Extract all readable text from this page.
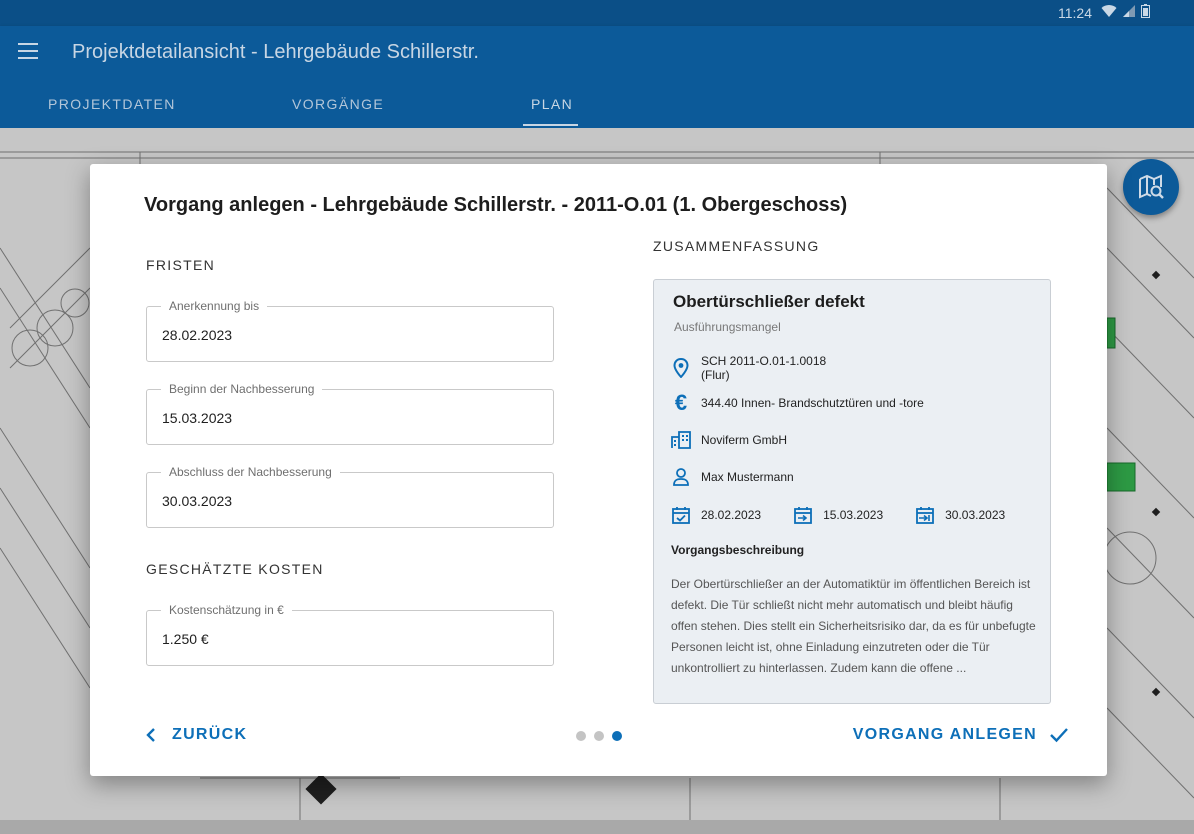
11:24
Projektdetailansicht - Lehrgebäude Schillerstr.
PROJEKTDATEN	VORGÄNGE	PLAN
Vorgang anlegen - Lehrgebäude Schillerstr. - 2011-O.01 (1. Obergeschoss)
FRISTEN
Anerkennung bis
28.02.2023
Beginn der Nachbesserung
15.03.2023
Abschluss der Nachbesserung
30.03.2023
GESCHÄTZTE KOSTEN
Kostenschätzung in €
1.250 €
ZUSAMMENFASSUNG
Obertürschließer defekt
Ausführungsmangel
SCH 2011-O.01-1.0018
(Flur)
€	344.40 Innen- Brandschutztüren und -tore
Noviferm GmbH
Max Mustermann
28.02.2023	15.03.2023	30.03.2023
Vorgangsbeschreibung
Der Obertürschließer an der Automatiktür im öffentlichen Bereich ist defekt. Die Tür schließt nicht mehr automatisch und bleibt häufig offen stehen. Dies stellt ein Sicherheitsrisiko dar, da es für unbefugte Personen leicht ist, ohne Einladung einzutreten oder die Tür unkontrolliert zu hinterlassen. Zudem kann die offene ...
ZURÜCK	VORGANG ANLEGEN
